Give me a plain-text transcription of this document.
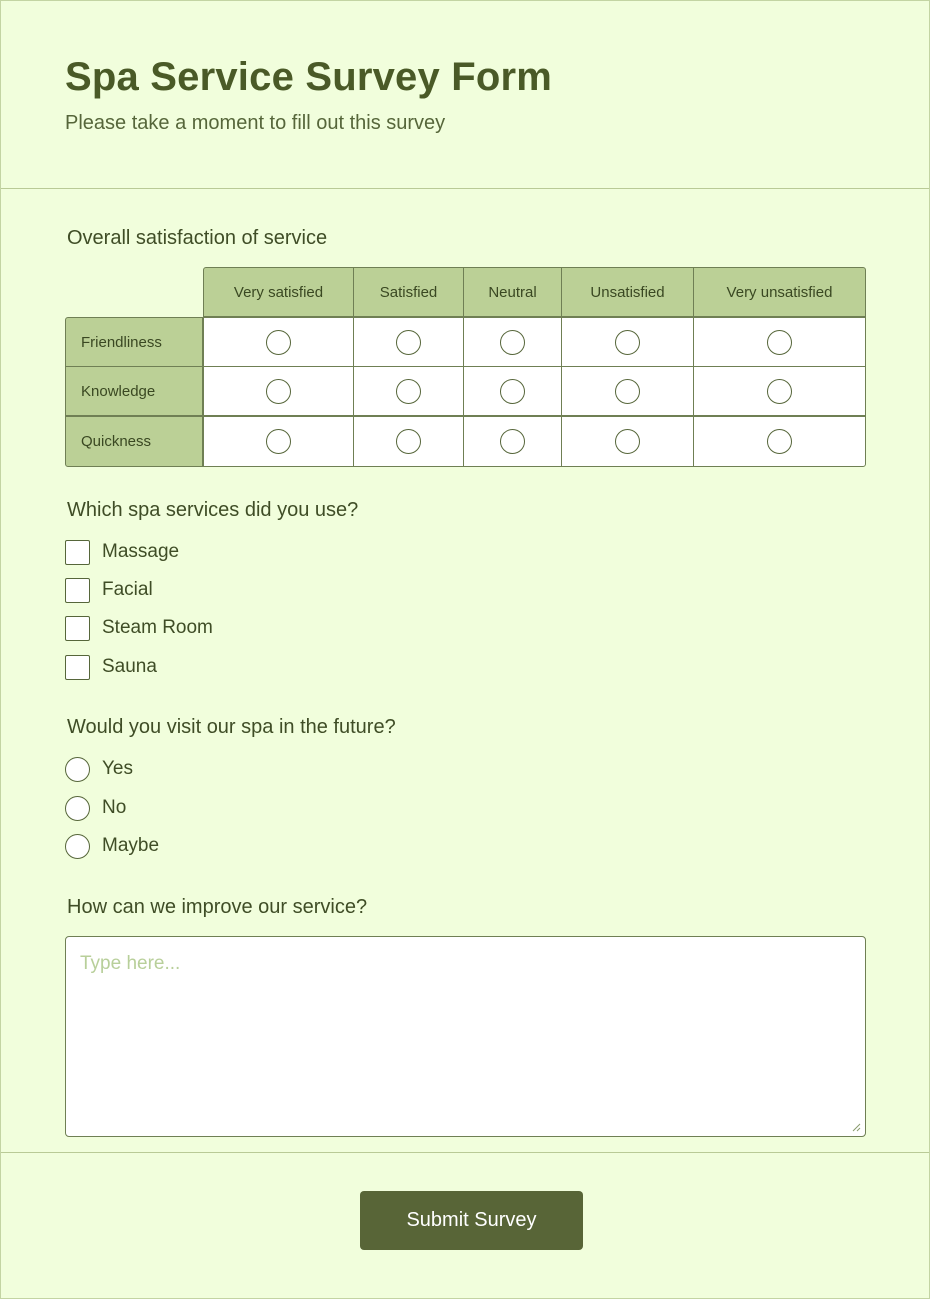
Spa Service Survey Form
Please take a moment to fill out this survey
Overall satisfaction of service
Very satisfied	Satisfied	Neutral	Unsatisfied	Very unsatisfied
Friendliness
Knowledge
Quickness
Which spa services did you use?
Massage
Facial
Steam Room
Sauna
Would you visit our spa in the future?
Yes
No
Maybe
How can we improve our service?
Type here...
Submit Survey
